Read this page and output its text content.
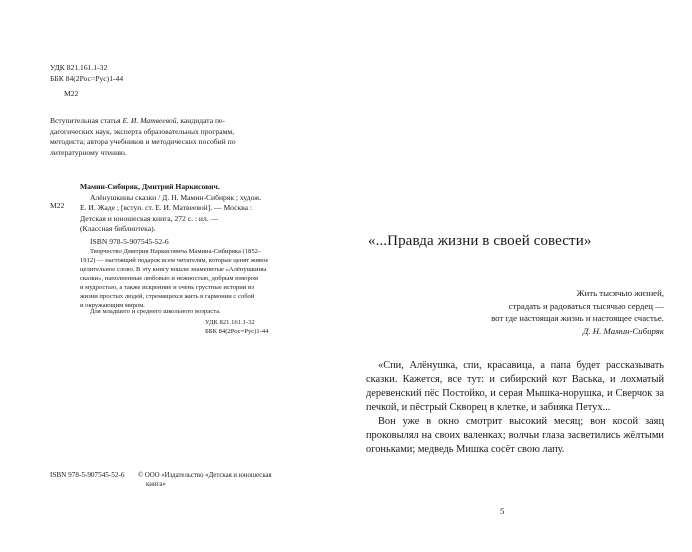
УДК 821.161.1-32
ББК 84(2Рос=Рус)1-44
М22
Вступительная статья Е. И. Матвеевой, кандидата пе-
дагогических наук, эксперта образовательных программ,
методиста; автора учебников и методических пособий по
литературному чтению.
М22
Мамин-Сибиряк, Дмитрий Наркисович.
Алёнушкины сказки / Д. Н. Мамин-Сибиряк ; худож.
Е. И. Жаде ; [вступ. ст. Е. И. Матвеевой]. — Москва :
Детская и юношеская книга, 272 с. : ил. —
(Классная библиотека).
ISBN 978-5-907545-52-6
Творчество Дмитрия Наркисовича Мамина-Сибиряка (1852–
1912) — настоящий подарок всем читателям, которые ценят живое
целительное слово. В эту книгу вошли знаменитые «Алёнушкины
сказки», наполненные любовью и нежностью, добрым юмором
и мудростью, а также искренние и очень грустные истории из
жизни простых людей, стремящихся жить в гармонии с собой
и окружающим миром.
Для младшего и среднего школьного возраста.
УДК 821.161.1-32
ББК 84(2Рос=Рус)1-44
ISBN 978-5-907545-52-6 © ООО «Издательство «Детская и юношеская
книга»
«...Правда жизни в своей совести»
Жить тысячью жизней,
страдать и радоваться тысячью сердец —
вот где настоящая жизнь и настоящее счастье.
Д. Н. Мамин-Сибиряк

«Спи, Алёнушка, спи, красавица, а папа будет рассказывать сказки. Кажется, все тут: и сибирский кот Васька, и лохматый деревенский пёс Постойко, и серая Мышка-норушка, и Сверчок за печкой, и пёстрый Скворец в клетке, и забияка Петух...

Вон уже в окно смотрит высокий месяц; вон косой заяц проковылял на своих валенках; волчьи глаза засветились жёлтыми огоньками; медведь Мишка сосёт свою лапу.

5
